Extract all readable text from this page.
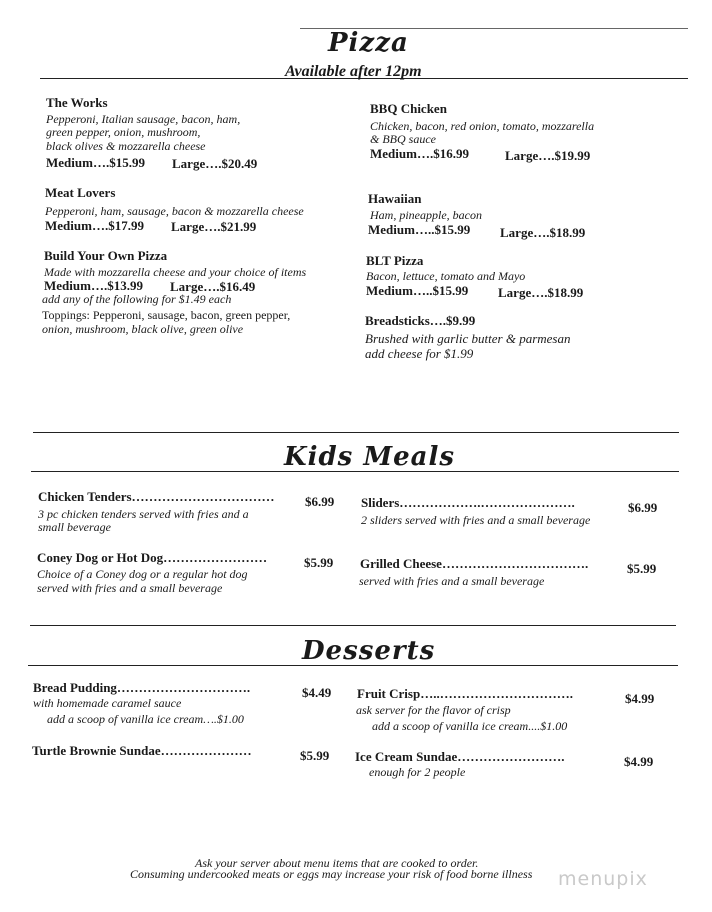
Pizza
Available after 12pm
The Works
Pepperoni, Italian sausage, bacon, ham,
green pepper, onion, mushroom,
black olives & mozzarella cheese
Medium….$15.99 Large….$20.49
Meat Lovers
Pepperoni, ham, sausage, bacon & mozzarella cheese
Medium….$17.99 Large….$21.99
Build Your Own Pizza
Made with mozzarella cheese and your choice of items
Medium….$13.99 Large….$16.49
add any of the following for $1.49 each
Toppings: Pepperoni, sausage, bacon, green pepper,
onion, mushroom, black olive, green olive
BBQ Chicken
Chicken, bacon, red onion, tomato, mozzarella
& BBQ sauce
Medium….$16.99	Large….$19.99
Hawaiian
Ham, pineapple, bacon
Medium…..$15.99 Large….$18.99
BLT Pizza
Bacon, lettuce, tomato and Mayo
Medium…..$15.99 Large….$18.99
Breadsticks….$9.99
Brushed with garlic butter & parmesan
add cheese for $1.99
Kids Meals
Chicken Tenders…………………………… $6.99
3 pc chicken tenders served with fries and a
small beverage
Coney Dog or Hot Dog……………………	$5.99
Choice of a Coney dog or a regular hot dog
served with fries and a small beverage
Sliders……………….………………….	$6.99
2 sliders served with fries and a small beverage
Grilled Cheese…………………………….	$5.99
served with fries and a small beverage
Desserts
Bread Pudding………………………….	$4.49
with homemade caramel sauce
add a scoop of vanilla ice cream….$1.00
Turtle Brownie Sundae…………………	$5.99
Fruit Crisp…..………………………….	$4.99
ask server for the flavor of crisp
add a scoop of vanilla ice cream....$1.00
Ice Cream Sundae…………………….	$4.99
enough for 2 people
Ask your server about menu items that are cooked to order.
Consuming undercooked meats or eggs may increase your risk of food borne illness menupix
